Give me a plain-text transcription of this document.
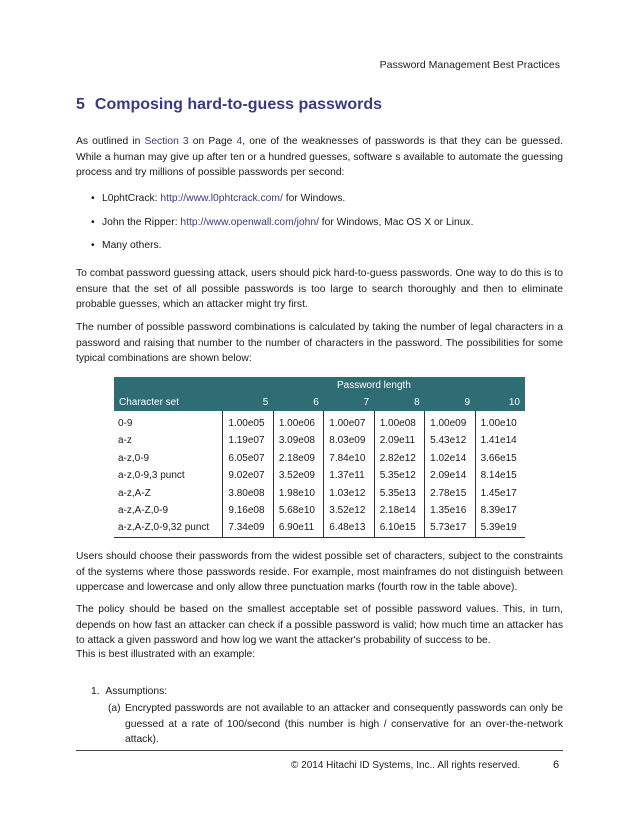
Password Management Best Practices
5 Composing hard-to-guess passwords

As outlined in Section 3 on Page 4, one of the weaknesses of passwords is that they can be guessed. While a human may give up after ten or a hundred guesses, software s available to automate the guessing process and try millions of possible passwords per second:

• L0phtCrack: http://www.l0phtcrack.com/ for Windows.
• John the Ripper: http://www.openwall.com/john/ for Windows, Mac OS X or Linux.
• Many others.

To combat password guessing attack, users should pick hard-to-guess passwords. One way to do this is to ensure that the set of all possible passwords is too large to search thoroughly and then to eliminate probable guesses, which an attacker might try first.

The number of possible password combinations is calculated by taking the number of legal characters in a password and raising that number to the number of characters in the password. The possibilities for some typical combinations are shown below:

	Password length					
Character set	5	6	7	8	9	10
0-9	1.00e05	1.00e06	1.00e07	1.00e08	1.00e09	1.00e10
a-z	1.19e07	3.09e08	8.03e09	2.09e11	5.43e12	1.41e14
a-z,0-9	6.05e07	2.18e09	7.84e10	2.82e12	1.02e14	3.66e15
a-z,0-9,3 punct	9.02e07	3.52e09	1.37e11	5.35e12	2.09e14	8.14e15
a-z,A-Z	3.80e08	1.98e10	1.03e12	5.35e13	2.78e15	1.45e17
a-z,A-Z,0-9	9.16e08	5.68e10	3.52e12	2.18e14	1.35e16	8.39e17
a-z,A-Z,0-9,32 punct	7.34e09	6.90e11	6.48e13	6.10e15	5.73e17	5.39e19

Users should choose their passwords from the widest possible set of characters, subject to the constraints of the systems where those passwords reside. For example, most mainframes do not distinguish between uppercase and lowercase and only allow three punctuation marks (fourth row in the table above).

The policy should be based on the smallest acceptable set of possible password values. This, in turn, depends on how fast an attacker can check if a possible password is valid; how much time an attacker has to attack a given password and how log we want the attacker's probability of success to be.

This is best illustrated with an example:

1. Assumptions:
(a) Encrypted passwords are not available to an attacker and consequently passwords can only be guessed at a rate of 100/second (this number is high / conservative for an over-the-network attack).
© 2014 Hitachi ID Systems, Inc.. All rights reserved.	6
